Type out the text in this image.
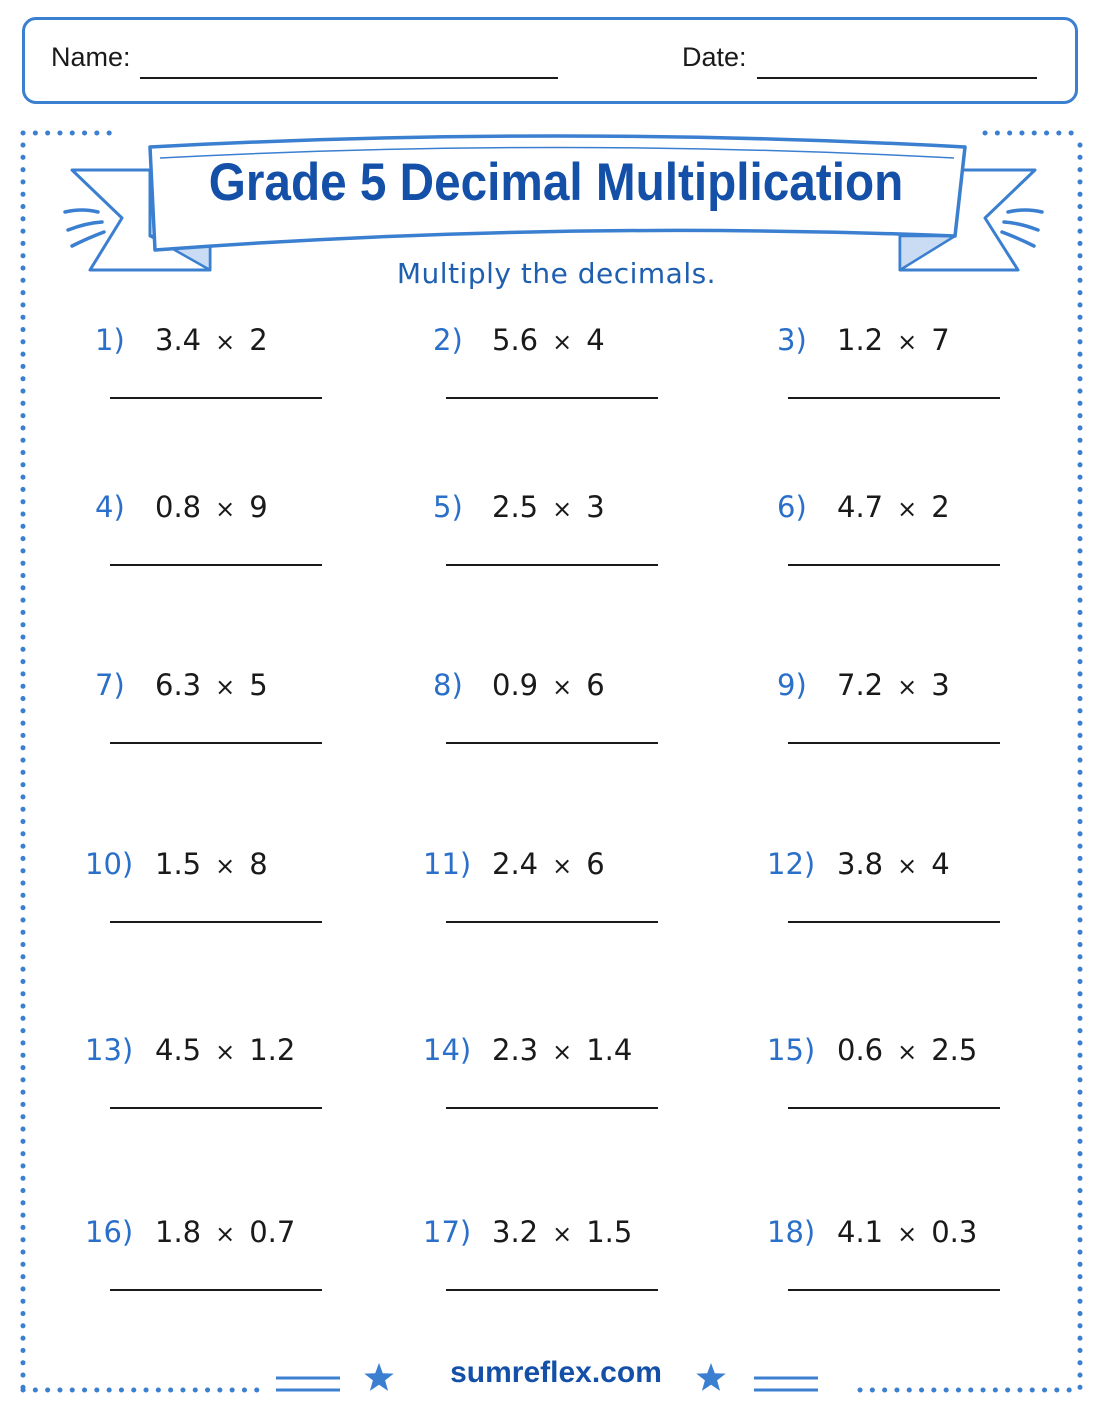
Name:	Date:
Grade 5 Decimal Multiplication
Multiply the decimals.
1) 3.4 × 2	2) 5.6 × 4	3) 1.2 × 7
4) 0.8 × 9	5) 2.5 × 3	6) 4.7 × 2
7) 6.3 × 5	8) 0.9 × 6	9) 7.2 × 3
10) 1.5 × 8	11) 2.4 × 6	12) 3.8 × 4
13) 4.5 × 1.2	14) 2.3 × 1.4	15) 0.6 × 2.5
16) 1.8 × 0.7	17) 3.2 × 1.5	18) 4.1 × 0.3
sumreflex.com
